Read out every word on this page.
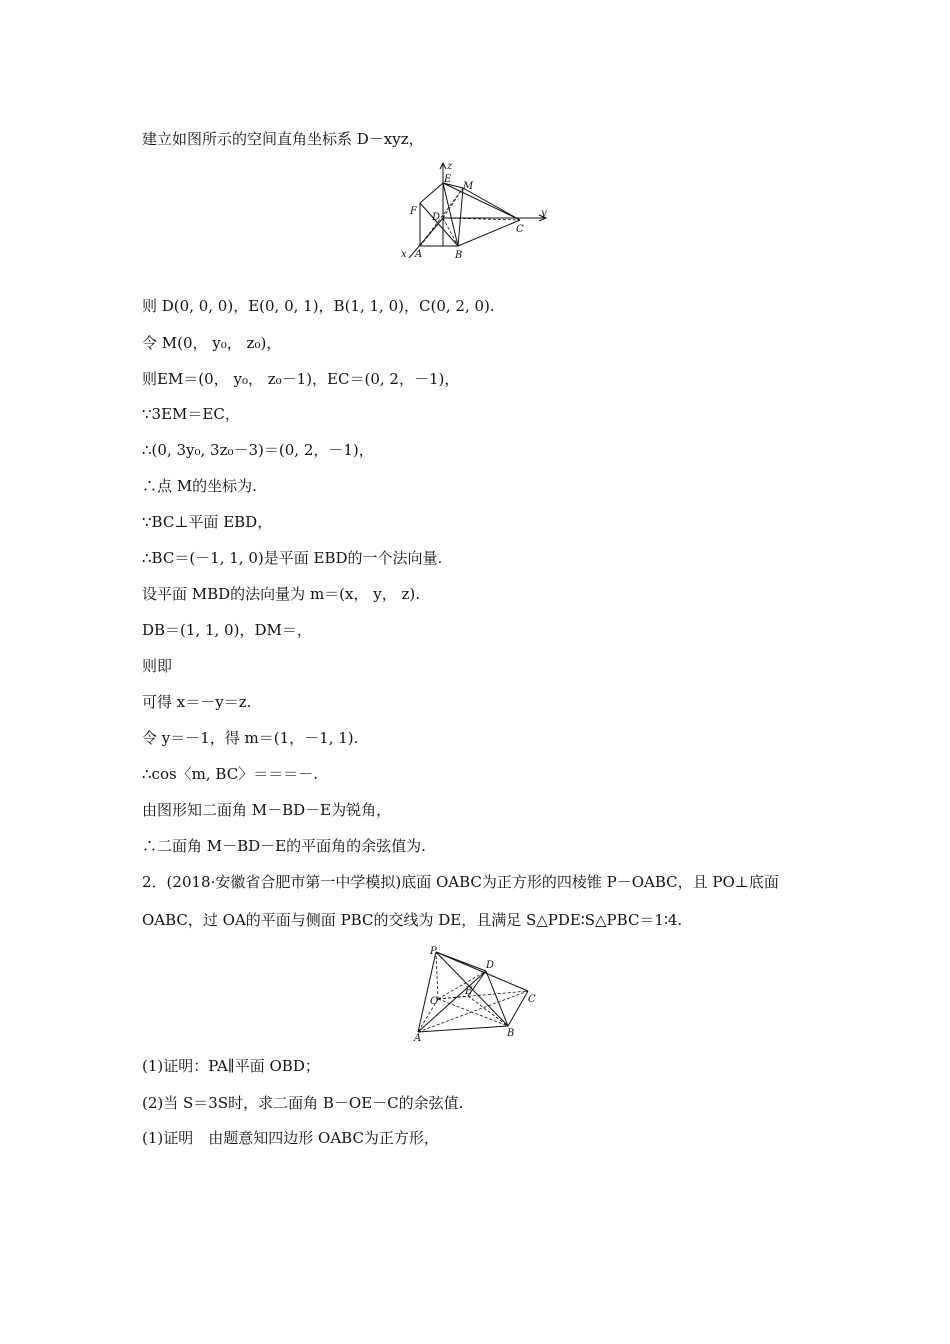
建立如图所示的空间直角坐标系 D－xyz，
z
E
M
F
D	y
C
x A	B
则 D(0, 0, 0)，E(0, 0, 1)，B(1, 1, 0)，C(0, 2, 0).
令 M(0， y₀， z₀)，
则EM＝(0， y₀， z₀－1)，EC＝(0, 2，－1)，
∵3EM＝EC，
∴(0, 3y₀, 3z₀－3)＝(0, 2，－1)，
∴点 M的坐标为.
∵BC⊥平面 EBD，
∴BC＝(－1, 1, 0)是平面 EBD的一个法向量.
设平面 MBD的法向量为 m＝(x， y， z).
DB＝(1, 1, 0)，DM＝，
则即
可得 x＝－y＝z.
令 y＝－1，得 m＝(1，－1, 1).
∴cos〈m, BC〉＝＝＝－.
由图形知二面角 M－BD－E为锐角，
∴二面角 M－BD－E的平面角的余弦值为.
2．(2018·安徽省合肥市第一中学模拟)底面 OABC为正方形的四棱锥 P－OABC，且 PO⊥底面
OABC，过 OA的平面与侧面 PBC的交线为 DE，且满足 S△PDE∶S△PBC＝1∶4.
P
D
O
E
C
A	B
(1)证明：PA∥平面 OBD；
(2)当 S＝3S时，求二面角 B－OE－C的余弦值.
(1)证明　由题意知四边形 OABC为正方形，
